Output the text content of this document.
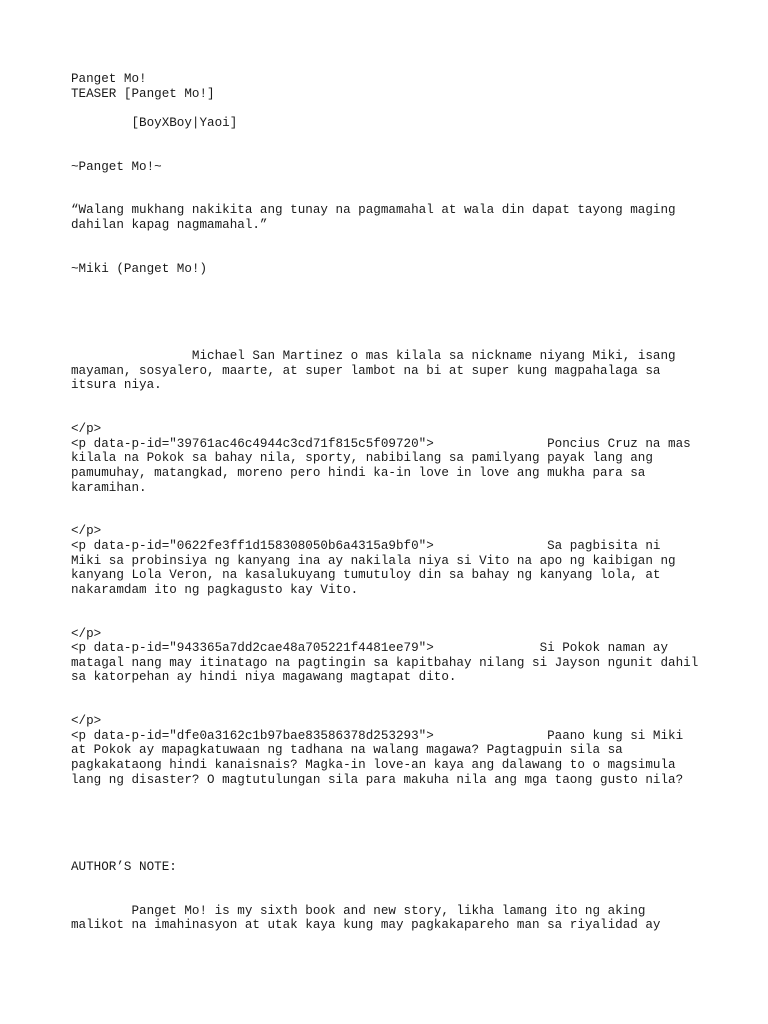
Panget Mo!
TEASER [Panget Mo!]
[BoyXBoy|Yaoi]
~Panget Mo!~
“Walang mukhang nakikita ang tunay na pagmamahal at wala din dapat tayong maging
dahilan kapag nagmamahal.”
~Miki (Panget Mo!)
Michael San Martinez o mas kilala sa nickname niyang Miki, isang
mayaman, sosyalero, maarte, at super lambot na bi at super kung magpahalaga sa
itsura niya.
</p>
<p data-p-id="39761ac46c4944c3cd71f815c5f09720">               Poncius Cruz na mas
kilala na Pokok sa bahay nila, sporty, nabibilang sa pamilyang payak lang ang
pamumuhay, matangkad, moreno pero hindi ka-in love in love ang mukha para sa
karamihan.
</p>
<p data-p-id="0622fe3ff1d158308050b6a4315a9bf0">               Sa pagbisita ni
Miki sa probinsiya ng kanyang ina ay nakilala niya si Vito na apo ng kaibigan ng
kanyang Lola Veron, na kasalukuyang tumutuloy din sa bahay ng kanyang lola, at
nakaramdam ito ng pagkagusto kay Vito.
</p>
<p data-p-id="943365a7dd2cae48a705221f4481ee79">              Si Pokok naman ay
matagal nang may itinatago na pagtingin sa kapitbahay nilang si Jayson ngunit dahil
sa katorpehan ay hindi niya magawang magtapat dito.
</p>
<p data-p-id="dfe0a3162c1b97bae83586378d253293">               Paano kung si Miki
at Pokok ay mapagkatuwaan ng tadhana na walang magawa? Pagtagpuin sila sa
pagkakataong hindi kanaisnais? Magka-in love-an kaya ang dalawang to o magsimula
lang ng disaster? O magtutulungan sila para makuha nila ang mga taong gusto nila?
AUTHOR’S NOTE:
Panget Mo! is my sixth book and new story, likha lamang ito ng aking
malikot na imahinasyon at utak kaya kung may pagkakapareho man sa riyalidad ay
